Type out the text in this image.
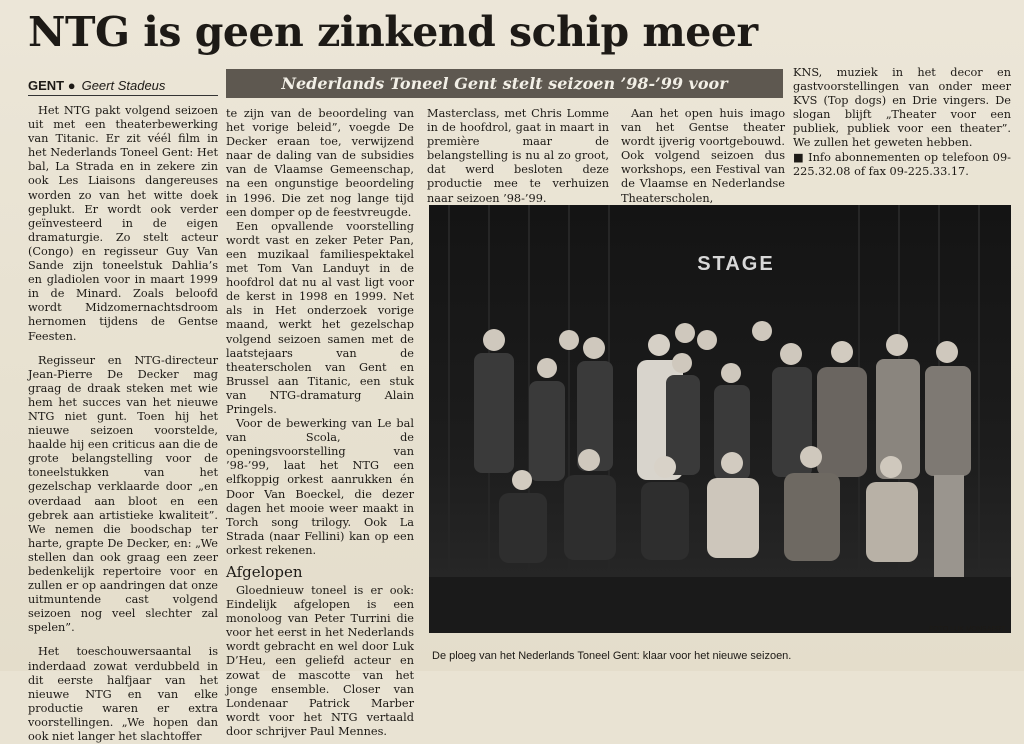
NTG is geen zinkend schip meer
GENT ● Geert Stadeus	Nederlands Toneel Gent stelt seizoen ’98-’99 voor

Het NTG pakt volgend seizoen uit met een theaterbewerking van Titanic. Er zit véél film in het Nederlands Toneel Gent: Het bal, La Strada en in zekere zin ook Les Liaisons dangereuses worden zo van het witte doek geplukt. Er wordt ook verder geïnvesteerd in de eigen dramaturgie. Zo stelt acteur (Congo) en regisseur Guy Van Sande zijn toneelstuk Dahlia’s en gladiolen voor in maart 1999 in de Minard. Zoals beloofd wordt Midzomernachtsdroom hernomen tijdens de Gentse Feesten.

Regisseur en NTG-directeur Jean-Pierre De Decker mag graag de draak steken met wie hem het succes van het nieuwe NTG niet gunt. Toen hij het nieuwe seizoen voorstelde, haalde hij een criticus aan die de grote belangstelling voor de toneelstukken van het gezelschap verklaarde door „en overdaad aan bloot en een gebrek aan artistieke kwaliteit”. We nemen die boodschap ter harte, grapte De Decker, en: „We stellen dan ook graag een zeer bedenkelijk repertoire voor en zullen er op aandringen dat onze uitmuntende cast volgend seizoen nog veel slechter zal spelen”.

Het toeschouwersaantal is inderdaad zowat verdubbeld in dit eerste halfjaar van het nieuwe NTG en van elke productie waren er extra voorstellingen. „We hopen dan ook niet langer het slachtoffer

te zijn van de beoordeling van het vorige beleid”, voegde De Decker eraan toe, verwijzend naar de daling van de subsidies van de Vlaamse Gemeenschap, na een ongunstige beoordeling in 1996. Die zet nog lange tijd een domper op de feestvreugde.

Een opvallende voorstelling wordt vast en zeker Peter Pan, een muzikaal familiespektakel met Tom Van Landuyt in de hoofdrol dat nu al vast ligt voor de kerst in 1998 en 1999. Net als in Het onderzoek vorige maand, werkt het gezelschap volgend seizoen samen met de laatstejaars van de theaterscholen van Gent en Brussel aan Titanic, een stuk van NTG-dramaturg Alain Pringels.

Voor de bewerking van Le bal van Scola, de openingsvoorstelling van ’98-’99, laat het NTG een elfkoppig orkest aanrukken én Door Van Boeckel, die dezer dagen het mooie weer maakt in Torch song trilogy. Ook La Strada (naar Fellini) kan op een orkest rekenen.

Afgelopen

Gloednieuw toneel is er ook: Eindelijk afgelopen is een monoloog van Peter Turrini die voor het eerst in het Nederlands wordt gebracht en wel door Luk D’Heu, een geliefd acteur en zowat de mascotte van het jonge ensemble. Closer van Londenaar Patrick Marber wordt voor het NTG vertaald door schrijver Paul Mennes.

Masterclass, met Chris Lomme in de hoofdrol, gaat in maart in première maar de belangstelling is nu al zo groot, dat werd besloten deze productie mee te verhuizen naar seizoen ’98-’99.

Aan het open huis imago van het Gentse theater wordt ijverig voortgebouwd. Ook volgend seizoen dus workshops, een Festival van de Vlaamse en Nederlandse Theaterscholen,

KNS, muziek in het decor en gastvoorstellingen van onder meer KVS (Top dogs) en Drie vingers. De slogan blijft „Theater voor een publiek, publiek voor een theater”. We zullen het geweten hebben.

■ Info abonnementen op telefoon 09-225.32.08 of fax 09-225.33.17.

STAGE
FOTO LUK MONSAERT
De ploeg van het Nederlands Toneel Gent: klaar voor het nieuwe seizoen.
